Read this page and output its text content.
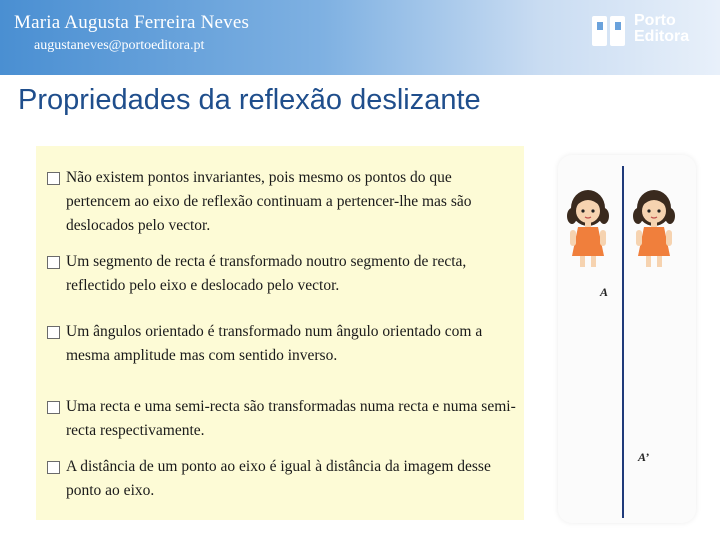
Maria Augusta Ferreira Neves
augustaneves@portoeditora.pt
Porto
Editora
Propriedades da reflexão deslizante
Não existem pontos invariantes, pois mesmo os pontos do que pertencem ao eixo de reflexão continuam a pertencer-lhe mas são deslocados pelo vector.
Um segmento de recta é transformado noutro segmento de recta, reflectido pelo eixo e deslocado pelo vector.
Um ângulos orientado é transformado num ângulo orientado com a mesma amplitude mas com sentido inverso.
Uma recta e uma semi-recta são transformadas numa recta e numa semi-recta respectivamente.
A distância de um ponto ao eixo é igual à distância da imagem desse ponto ao eixo.
A
A’
